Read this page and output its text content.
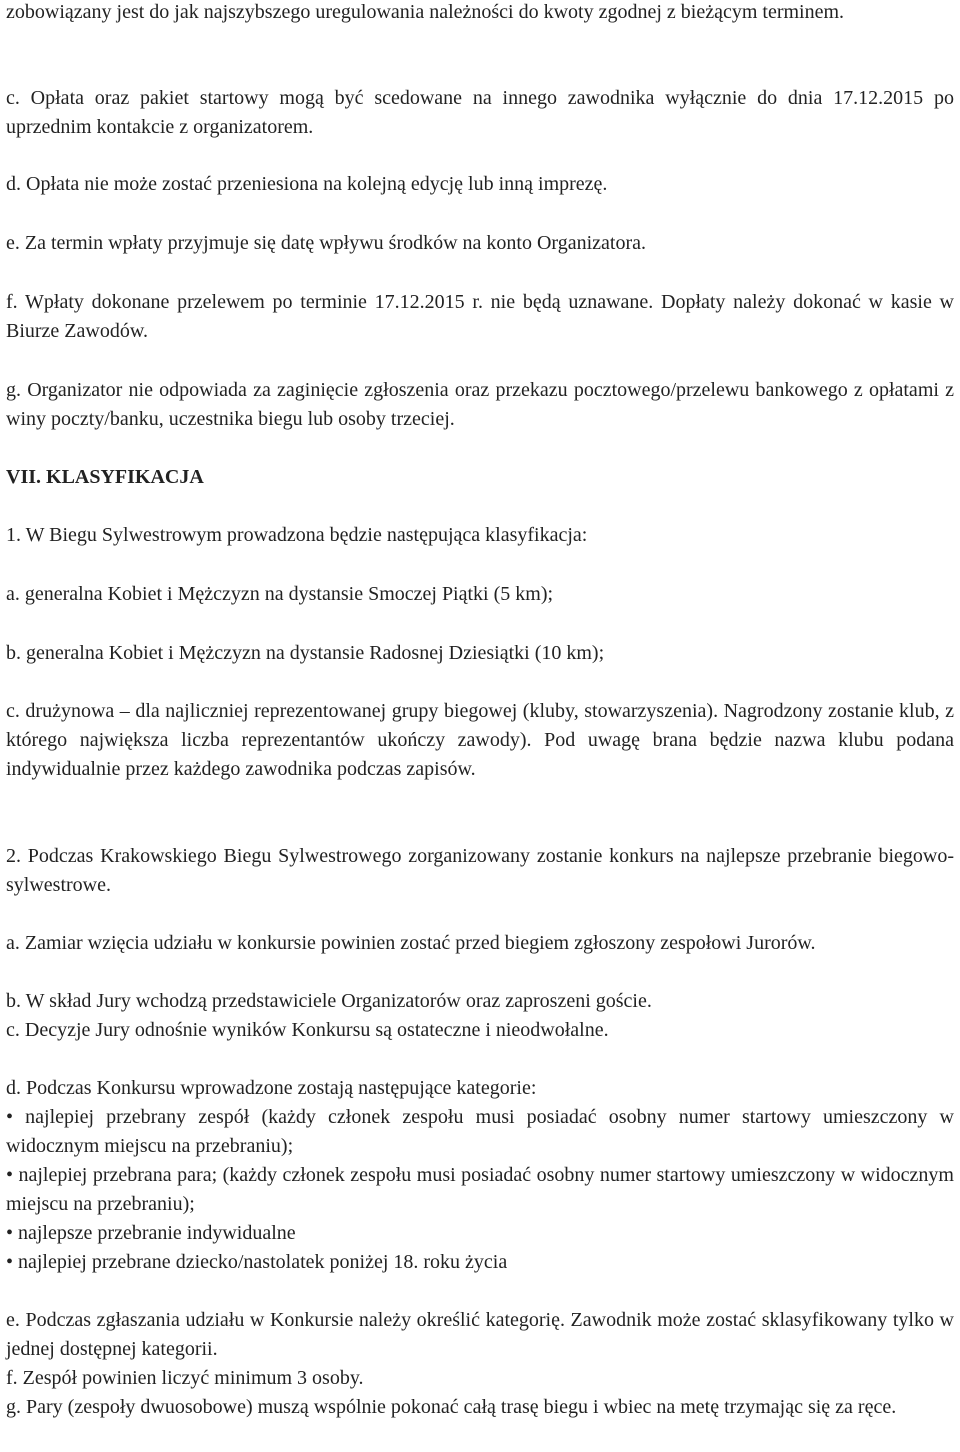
zobowiązany jest do jak najszybszego uregulowania należności do kwoty zgodnej z bieżącym terminem.

c. Opłata oraz pakiet startowy mogą być scedowane na innego zawodnika wyłącznie do dnia 17.12.2015 po uprzednim kontakcie z organizatorem.

d. Opłata nie może zostać przeniesiona na kolejną edycję lub inną imprezę.

e. Za termin wpłaty przyjmuje się datę wpływu środków na konto Organizatora.

f. Wpłaty dokonane przelewem po terminie 17.12.2015 r. nie będą uznawane. Dopłaty należy dokonać w kasie w Biurze Zawodów.

g. Organizator nie odpowiada za zaginięcie zgłoszenia oraz przekazu pocztowego/przelewu bankowego z opłatami z winy poczty/banku, uczestnika biegu lub osoby trzeciej.

VII. KLASYFIKACJA

1. W Biegu Sylwestrowym prowadzona będzie następująca klasyfikacja:

a. generalna Kobiet i Mężczyzn na dystansie Smoczej Piątki (5 km);

b. generalna Kobiet i Mężczyzn na dystansie Radosnej Dziesiątki (10 km);

c. drużynowa – dla najliczniej reprezentowanej grupy biegowej (kluby, stowarzyszenia). Nagrodzony zostanie klub, z którego największa liczba reprezentantów ukończy zawody). Pod uwagę brana będzie nazwa klubu podana indywidualnie przez każdego zawodnika podczas zapisów.

2. Podczas Krakowskiego Biegu Sylwestrowego zorganizowany zostanie konkurs na najlepsze przebranie biegowo-sylwestrowe.

a. Zamiar wzięcia udziału w konkursie powinien zostać przed biegiem zgłoszony zespołowi Jurorów.

b. W skład Jury wchodzą przedstawiciele Organizatorów oraz zaproszeni goście.

c. Decyzje Jury odnośnie wyników Konkursu są ostateczne i nieodwołalne.

d. Podczas Konkursu wprowadzone zostają następujące kategorie:

• najlepiej przebrany zespół (każdy członek zespołu musi posiadać osobny numer startowy umieszczony w widocznym miejscu na przebraniu);

• najlepiej przebrana para; (każdy członek zespołu musi posiadać osobny numer startowy umieszczony w widocznym miejscu na przebraniu);

• najlepsze przebranie indywidualne

• najlepiej przebrane dziecko/nastolatek poniżej 18. roku życia

e. Podczas zgłaszania udziału w Konkursie należy określić kategorię. Zawodnik może zostać sklasyfikowany tylko w jednej dostępnej kategorii.

f. Zespół powinien liczyć minimum 3 osoby.

g. Pary (zespoły dwuosobowe) muszą wspólnie pokonać całą trasę biegu i wbiec na metę trzymając się za ręce.
